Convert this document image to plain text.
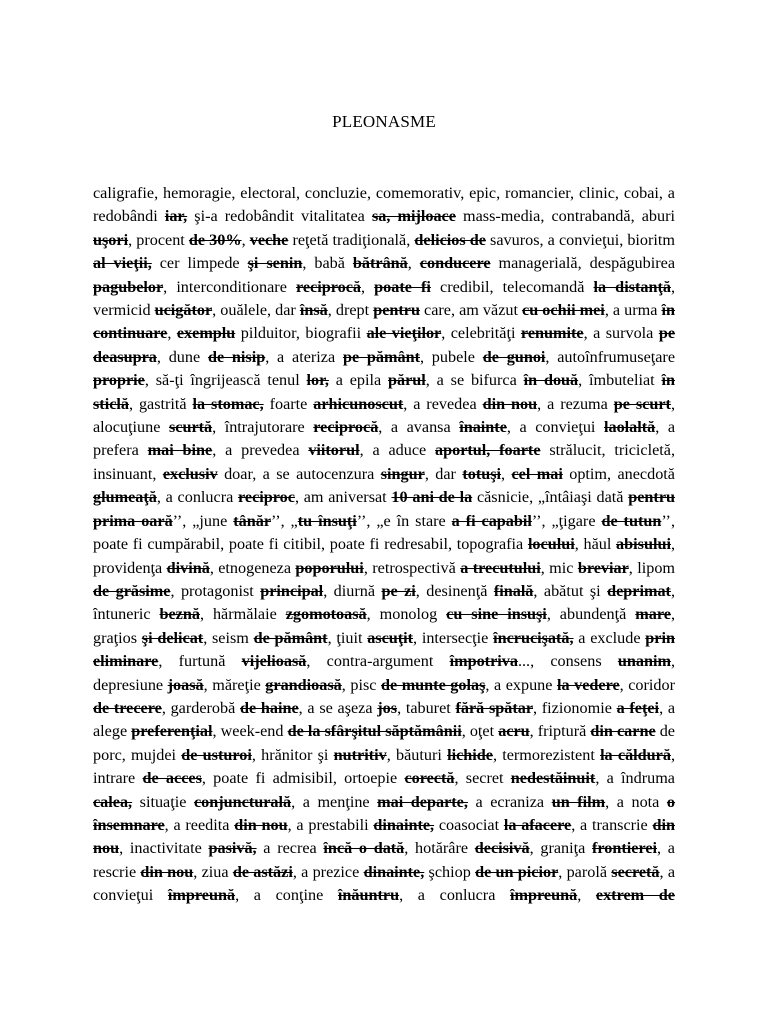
PLEONASME
caligrafie, hemoragie, electoral, concluzie, comemorativ, epic, romancier, clinic, cobai, a redobândi iar, şi-a redobândit vitalitatea sa, mijloace mass-media, contrabandă, aburi uşori, procent de 30%, veche reţetă tradiţională, delicios de savuros, a convieţui, bioritm al vieţii, cer limpede şi senin, babă bătrână, conducere managerială, despăgubirea pagubelor, interconditionare reciprocă, poate fi credibil, telecomandă la distanţă, vermicid ucigător, ouălele, dar însă, drept pentru care, am văzut cu ochii mei, a urma în continuare, exemplu pilduitor, biografii ale vieţilor, celebrităţi renumite, a survola pe deasupra, dune de nisip, a ateriza pe pământ, pubele de gunoi, autoînfrumuseţare proprie, să-ţi îngrijească tenul lor, a epila părul, a se bifurca în două, îmbuteliat în sticlă, gastrită la stomac, foarte arhicunoscut, a revedea din nou, a rezuma pe scurt, alocuţiune scurtă, întrajutorare reciprocă, a avansa înainte, a convieţui laolaltă, a prefera mai bine, a prevedea viitorul, a aduce aportul, foarte strălucit, tricicletă, insinuant, exclusiv doar, a se autocenzura singur, dar totuşi, cel mai optim, anecdotă glumeaţă, a conlucra reciproc, am aniversat 10 ani de la căsnicie, „întâiaşi dată pentru prima oară’’, „june tânăr’’, „tu însuţi’’, „e în stare a fi capabil’’, „ţigare de tutun’’, poate fi cumpărabil, poate fi citibil, poate fi redresabil, topografia locului, hăul abisului, providenţa divină, etnogeneza poporului, retrospectivă a trecutului, mic breviar, lipom de grăsime, protagonist principal, diurnă pe zi, desinenţă finală, abătut şi deprimat, întuneric beznă, hărmălaie zgomotoasă, monolog cu sine insuşi, abundenţă mare, graţios şi delicat, seism de pământ, ţiuit ascuţit, intersecţie încrucişată, a exclude prin eliminare, furtună vijelioasă, contra-argument împotriva..., consens unanim, depresiune joasă, măreţie grandioasă, pisc de munte golaş, a expune la vedere, coridor de trecere, garderobă de haine, a se aşeza jos, taburet fără spătar, fizionomie a feţei, a alege preferenţial, week-end de la sfârşitul săptămânii, oţet acru, friptură din carne de porc, mujdei de usturoi, hrănitor şi nutritiv, băuturi lichide, termorezistent la căldură, intrare de acces, poate fi admisibil, ortoepie corectă, secret nedestăinuit, a îndruma calea, situaţie conjuncturală, a menţine mai departe, a ecraniza un film, a nota o însemnare, a reedita din nou, a prestabili dinainte, coasociat la afacere, a transcrie din nou, inactivitate pasivă, a recrea încă o dată, hotărâre decisivă, graniţa frontierei, a rescrie din nou, ziua de astăzi, a prezice dinainte, şchiop de un picior, parolă secretă, a convieţui împreună, a conţine înăuntru, a conlucra împreună, extrem de
